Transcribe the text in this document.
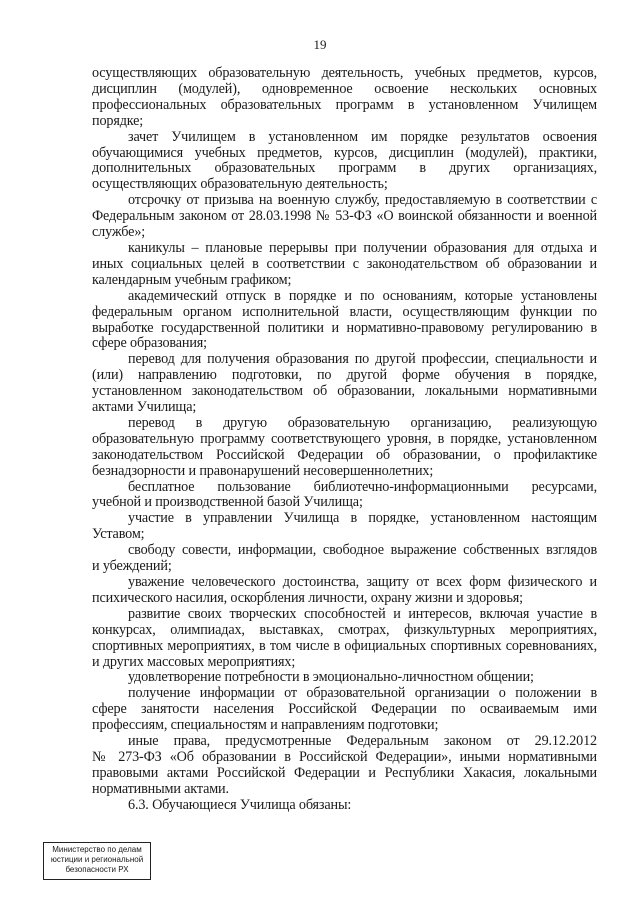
19

осуществляющих образовательную деятельность, учебных предметов, курсов,
дисциплин (модулей), одновременное освоение нескольких основных
профессиональных образовательных программ в установленном Училищем
порядке;

зачет Училищем в установленном им порядке результатов освоения
обучающимися учебных предметов, курсов, дисциплин (модулей), практики,
дополнительных образовательных программ в других организациях,
осуществляющих образовательную деятельность;

отсрочку от призыва на военную службу, предоставляемую в соответствии с
Федеральным законом от 28.03.1998 № 53-ФЗ «О воинской обязанности и военной
службе»;

каникулы – плановые перерывы при получении образования для отдыха и
иных социальных целей в соответствии с законодательством об образовании и
календарным учебным графиком;

академический отпуск в порядке и по основаниям, которые установлены
федеральным органом исполнительной власти, осуществляющим функции по
выработке государственной политики и нормативно-правовому регулированию в
сфере образования;

перевод для получения образования по другой профессии, специальности и
(или) направлению подготовки, по другой форме обучения в порядке,
установленном законодательством об образовании, локальными нормативными
актами Училища;

перевод в другую образовательную организацию, реализующую
образовательную программу соответствующего уровня, в порядке, установленном
законодательством Российской Федерации об образовании, о профилактике
безнадзорности и правонарушений несовершеннолетних;

бесплатное пользование библиотечно-информационными ресурсами,
учебной и производственной базой Училища;

участие в управлении Училища в порядке, установленном настоящим
Уставом;

свободу совести, информации, свободное выражение собственных взглядов
и убеждений;

уважение человеческого достоинства, защиту от всех форм физического и
психического насилия, оскорбления личности, охрану жизни и здоровья;

развитие своих творческих способностей и интересов, включая участие в
конкурсах, олимпиадах, выставках, смотрах, физкультурных мероприятиях,
спортивных мероприятиях, в том числе в официальных спортивных соревнованиях,
и других массовых мероприятиях;

удовлетворение потребности в эмоционально-личностном общении;

получение информации от образовательной организации о положении в
сфере занятости населения Российской Федерации по осваиваемым ими
профессиям, специальностям и направлениям подготовки;

иные права, предусмотренные Федеральным законом от 29.12.2012
№ 273-ФЗ «Об образовании в Российской Федерации», иными нормативными
правовыми актами Российской Федерации и Республики Хакасия, локальными
нормативными актами.

6.3. Обучающиеся Училища обязаны:

Министерство по делам
юстиции и региональной
безопасности РХ
